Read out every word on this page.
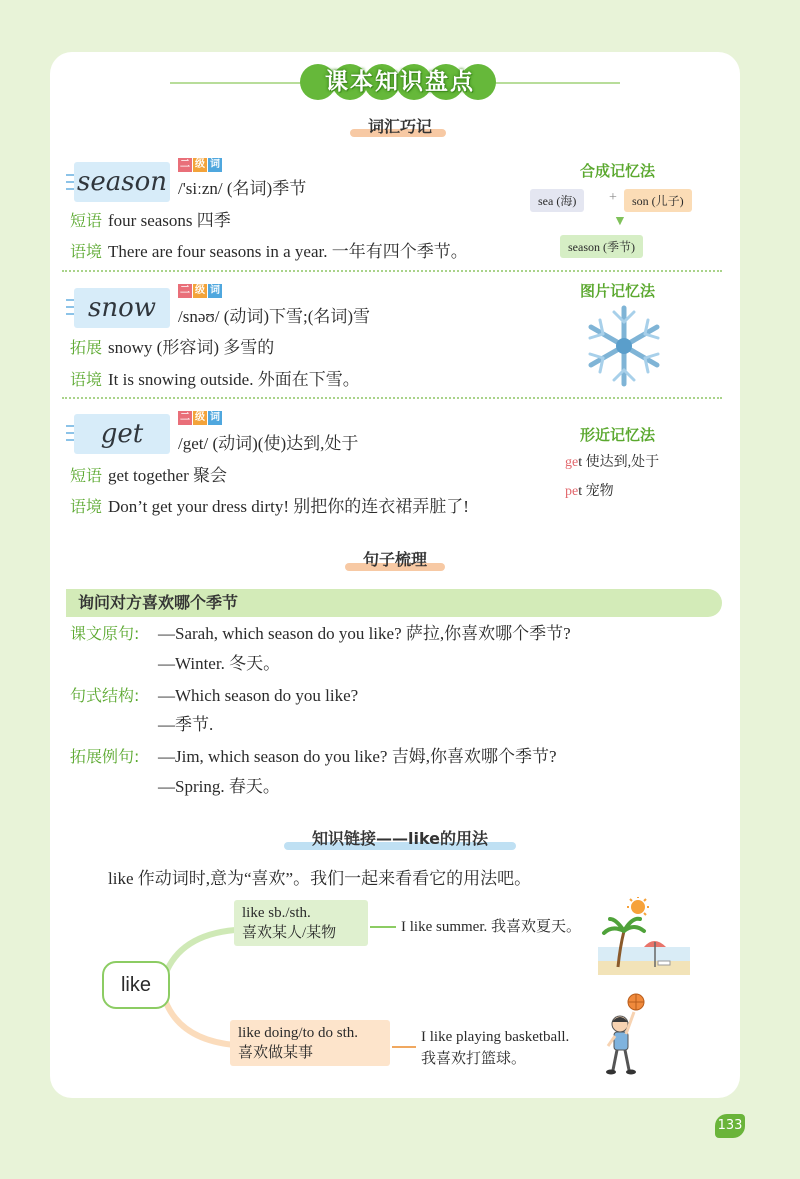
课本知识盘点
词汇巧记
season
二 级 词
/'siːzn/ (名词)季节
短语 four seasons 四季
语境 There are four seasons in a year. 一年有四个季节。
合成记忆法
sea (海)	+	son (儿子)
▼
season (季节)
snow
二 级 词
/snəʊ/ (动词)下雪;(名词)雪
拓展 snowy (形容词) 多雪的
语境 It is snowing outside. 外面在下雪。
图片记忆法
get
二 级 词
/get/ (动词)(使)达到,处于
短语 get together 聚会
语境 Don’t get your dress dirty! 别把你的连衣裙弄脏了!
形近记忆法
get 使达到,处于
pet 宠物
句子梳理
询问对方喜欢哪个季节
课文原句:	—Sarah, which season do you like? 萨拉,你喜欢哪个季节?
—Winter. 冬天。
句式结构:	—Which season do you like?
—季节.
拓展例句:	—Jim, which season do you like? 吉姆,你喜欢哪个季节?
—Spring. 春天。
知识链接——like的用法
like 作动词时,意为“喜欢”。我们一起来看看它的用法吧。
like
like sb./sth.
喜欢某人/某物	I like summer. 我喜欢夏天。
like doing/to do sth.
喜欢做某事
I like playing basketball.
我喜欢打篮球。
133
